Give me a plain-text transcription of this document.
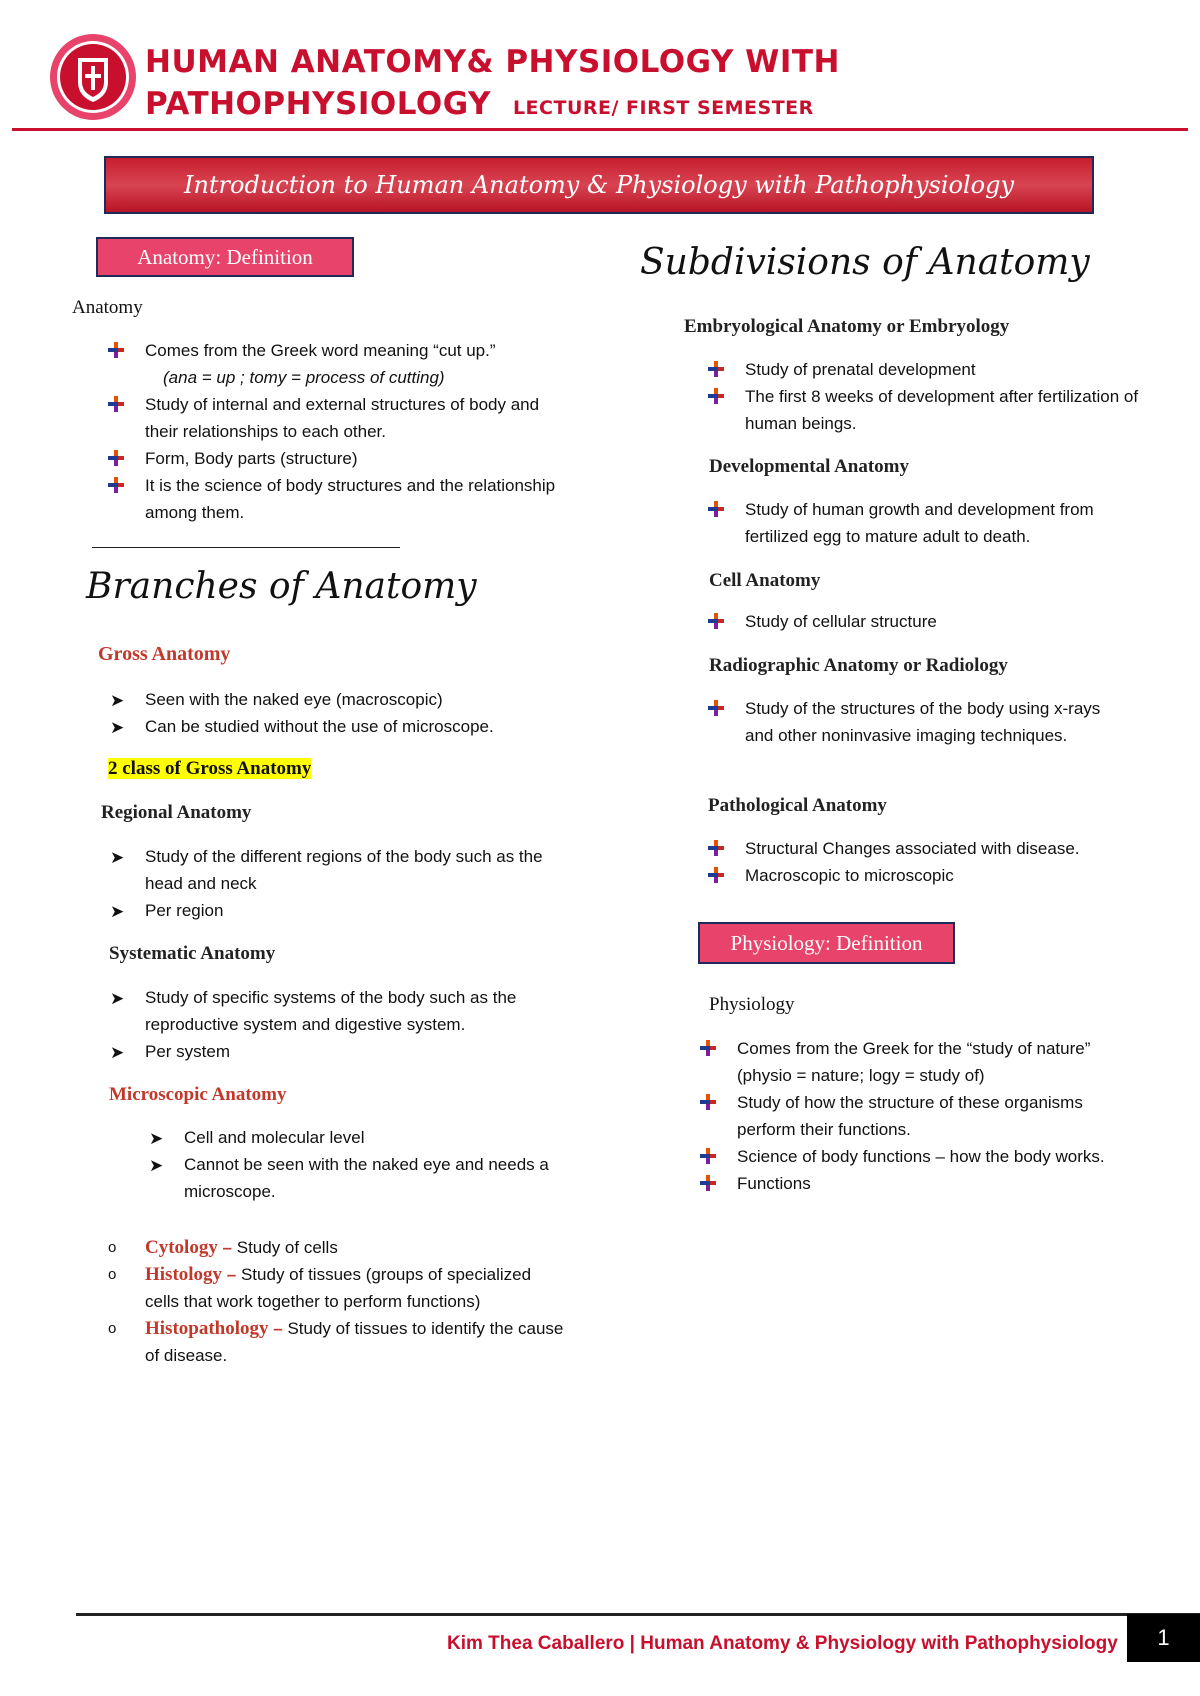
HUMAN ANATOMY& PHYSIOLOGY WITH
PATHOPHYSIOLOGY LECTURE/ FIRST SEMESTER
Introduction to Human Anatomy & Physiology with Pathophysiology
Anatomy: Definition
Anatomy
Comes from the Greek word meaning “cut up.”
(ana = up ; tomy = process of cutting)
Study of internal and external structures of body and their relationships to each other.
Form, Body parts (structure)
It is the science of body structures and the relationship among them.
Branches of Anatomy
Gross Anatomy
➤ Seen with the naked eye (macroscopic)
➤ Can be studied without the use of microscope.
2 class of Gross Anatomy
Regional Anatomy
➤ Study of the different regions of the body such as the head and neck
➤ Per region
Systematic Anatomy
➤ Study of specific systems of the body such as the reproductive system and digestive system.
➤ Per system
Microscopic Anatomy
➤ Cell and molecular level
➤ Cannot be seen with the naked eye and needs a microscope.
o Cytology – Study of cells
o Histology – Study of tissues (groups of specialized cells that work together to perform functions)
o Histopathology – Study of tissues to identify the cause of disease.
Subdivisions of Anatomy
Embryological Anatomy or Embryology
Study of prenatal development
The first 8 weeks of development after fertilization of human beings.
Developmental Anatomy
Study of human growth and development from fertilized egg to mature adult to death.
Cell Anatomy
Study of cellular structure
Radiographic Anatomy or Radiology
Study of the structures of the body using x-rays and other noninvasive imaging techniques.
Pathological Anatomy
Structural Changes associated with disease.
Macroscopic to microscopic
Physiology: Definition
Physiology
Comes from the Greek for the “study of nature”
(physio = nature; logy = study of)
Study of how the structure of these organisms perform their functions.
Science of body functions – how the body works.
Functions
Kim Thea Caballero | Human Anatomy & Physiology with Pathophysiology	1
